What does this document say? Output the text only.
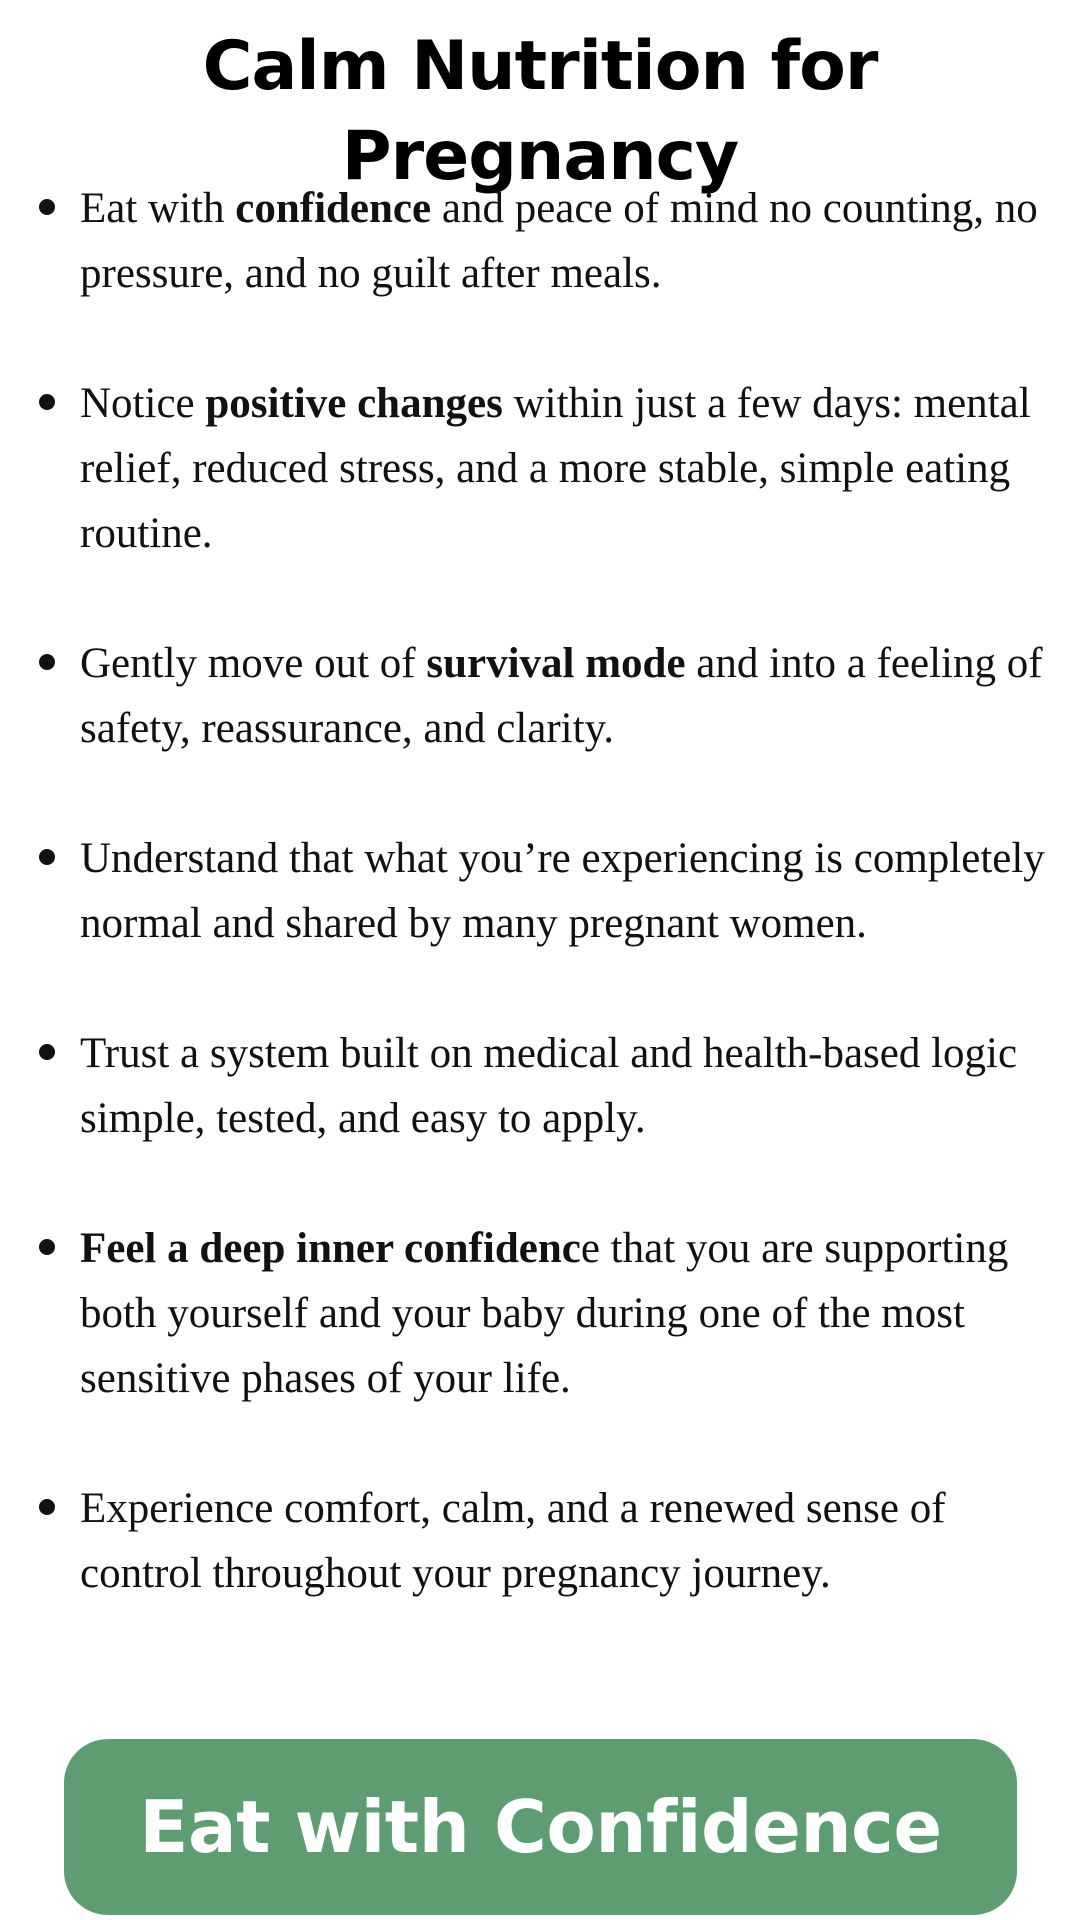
Calm Nutrition for Pregnancy
Eat with confidence and peace of mind no counting, no pressure, and no guilt after meals.
Notice positive changes within just a few days: mental relief, reduced stress, and a more stable, simple eating routine.
Gently move out of survival mode and into a feeling of safety, reassurance, and clarity.
Understand that what you’re experiencing is completely normal and shared by many pregnant women.
Trust a system built on medical and health-based logic simple, tested, and easy to apply.
Feel a deep inner confidence that you are supporting both yourself and your baby during one of the most sensitive phases of your life.
Experience comfort, calm, and a renewed sense of control throughout your pregnancy journey.
Eat with Confidence
